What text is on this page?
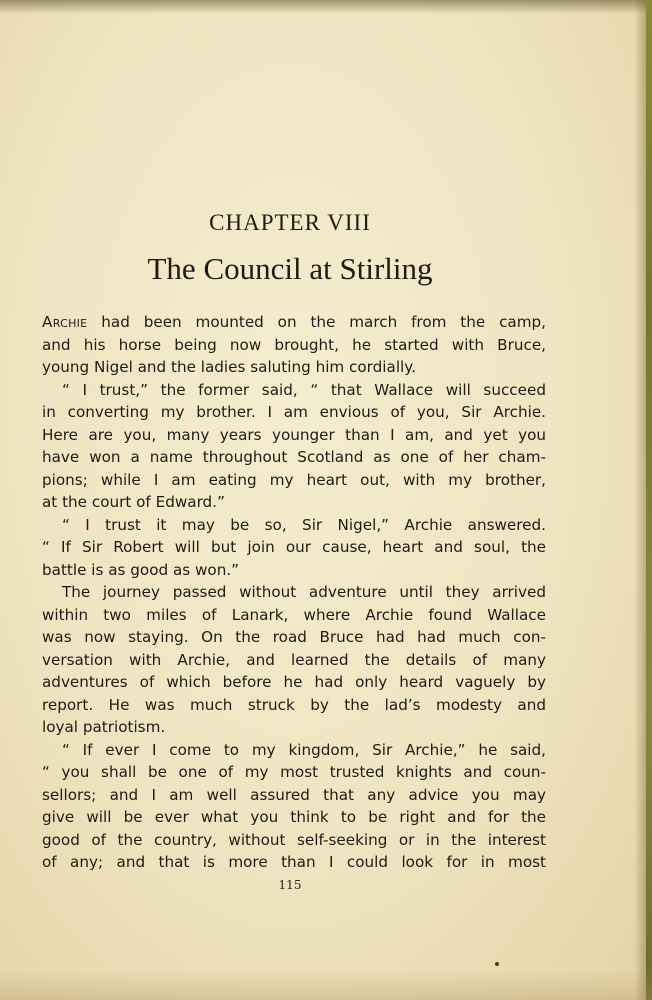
CHAPTER VIII
The Council at Stirling
Archie had been mounted on the march from the camp,
and his horse being now brought, he started with Bruce,
young Nigel and the ladies saluting him cordially.
“ I trust,” the former said, “ that Wallace will succeed
in converting my brother. I am envious of you, Sir Archie.
Here are you, many years younger than I am, and yet you
have won a name throughout Scotland as one of her cham-
pions; while I am eating my heart out, with my brother,
at the court of Edward.”
“ I trust it may be so, Sir Nigel,” Archie answered.
“ If Sir Robert will but join our cause, heart and soul, the
battle is as good as won.”
The journey passed without adventure until they arrived
within two miles of Lanark, where Archie found Wallace
was now staying. On the road Bruce had had much con-
versation with Archie, and learned the details of many
adventures of which before he had only heard vaguely by
report. He was much struck by the lad’s modesty and
loyal patriotism.
“ If ever I come to my kingdom, Sir Archie,” he said,
“ you shall be one of my most trusted knights and coun-
sellors; and I am well assured that any advice you may
give will be ever what you think to be right and for the
good of the country, without self-seeking or in the interest
of any; and that is more than I could look for in most
115
